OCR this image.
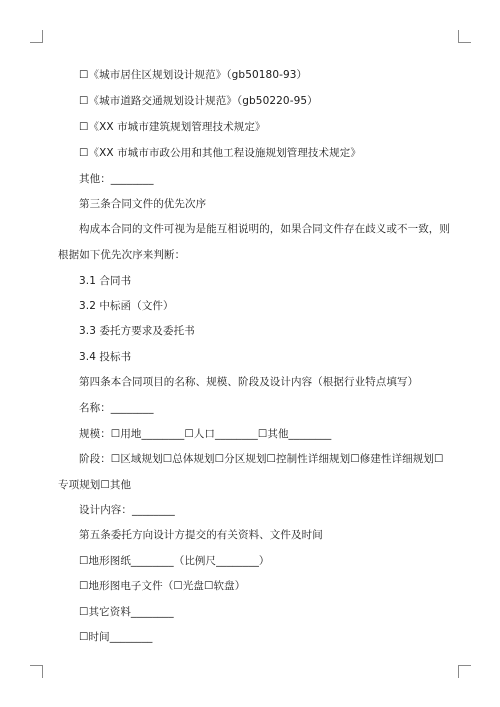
☐《城市居住区规划设计规范》（gb50180-93）
☐《城市道路交通规划设计规范》（gb50220-95）
☐《XX 市城市建筑规划管理技术规定》
☐《XX 市城市市政公用和其他工程设施规划管理技术规定》
其他：________
第三条合同文件的优先次序
构成本合同的文件可视为是能互相说明的，如果合同文件存在歧义或不一致，则
根据如下优先次序来判断：
3.1 合同书
3.2 中标函（文件）
3.3 委托方要求及委托书
3.4 投标书
第四条本合同项目的名称、规模、阶段及设计内容（根据行业特点填写）
名称：________
规模：☐用地________☐人口________☐其他________
阶段：☐区域规划☐总体规划☐分区规划☐控制性详细规划☐修建性详细规划☐
专项规划☐其他
设计内容：________
第五条委托方向设计方提交的有关资料、文件及时间
☐地形图纸________（比例尺________）
☐地形图电子文件（☐光盘☐软盘）
☐其它资料________
☐时间________
